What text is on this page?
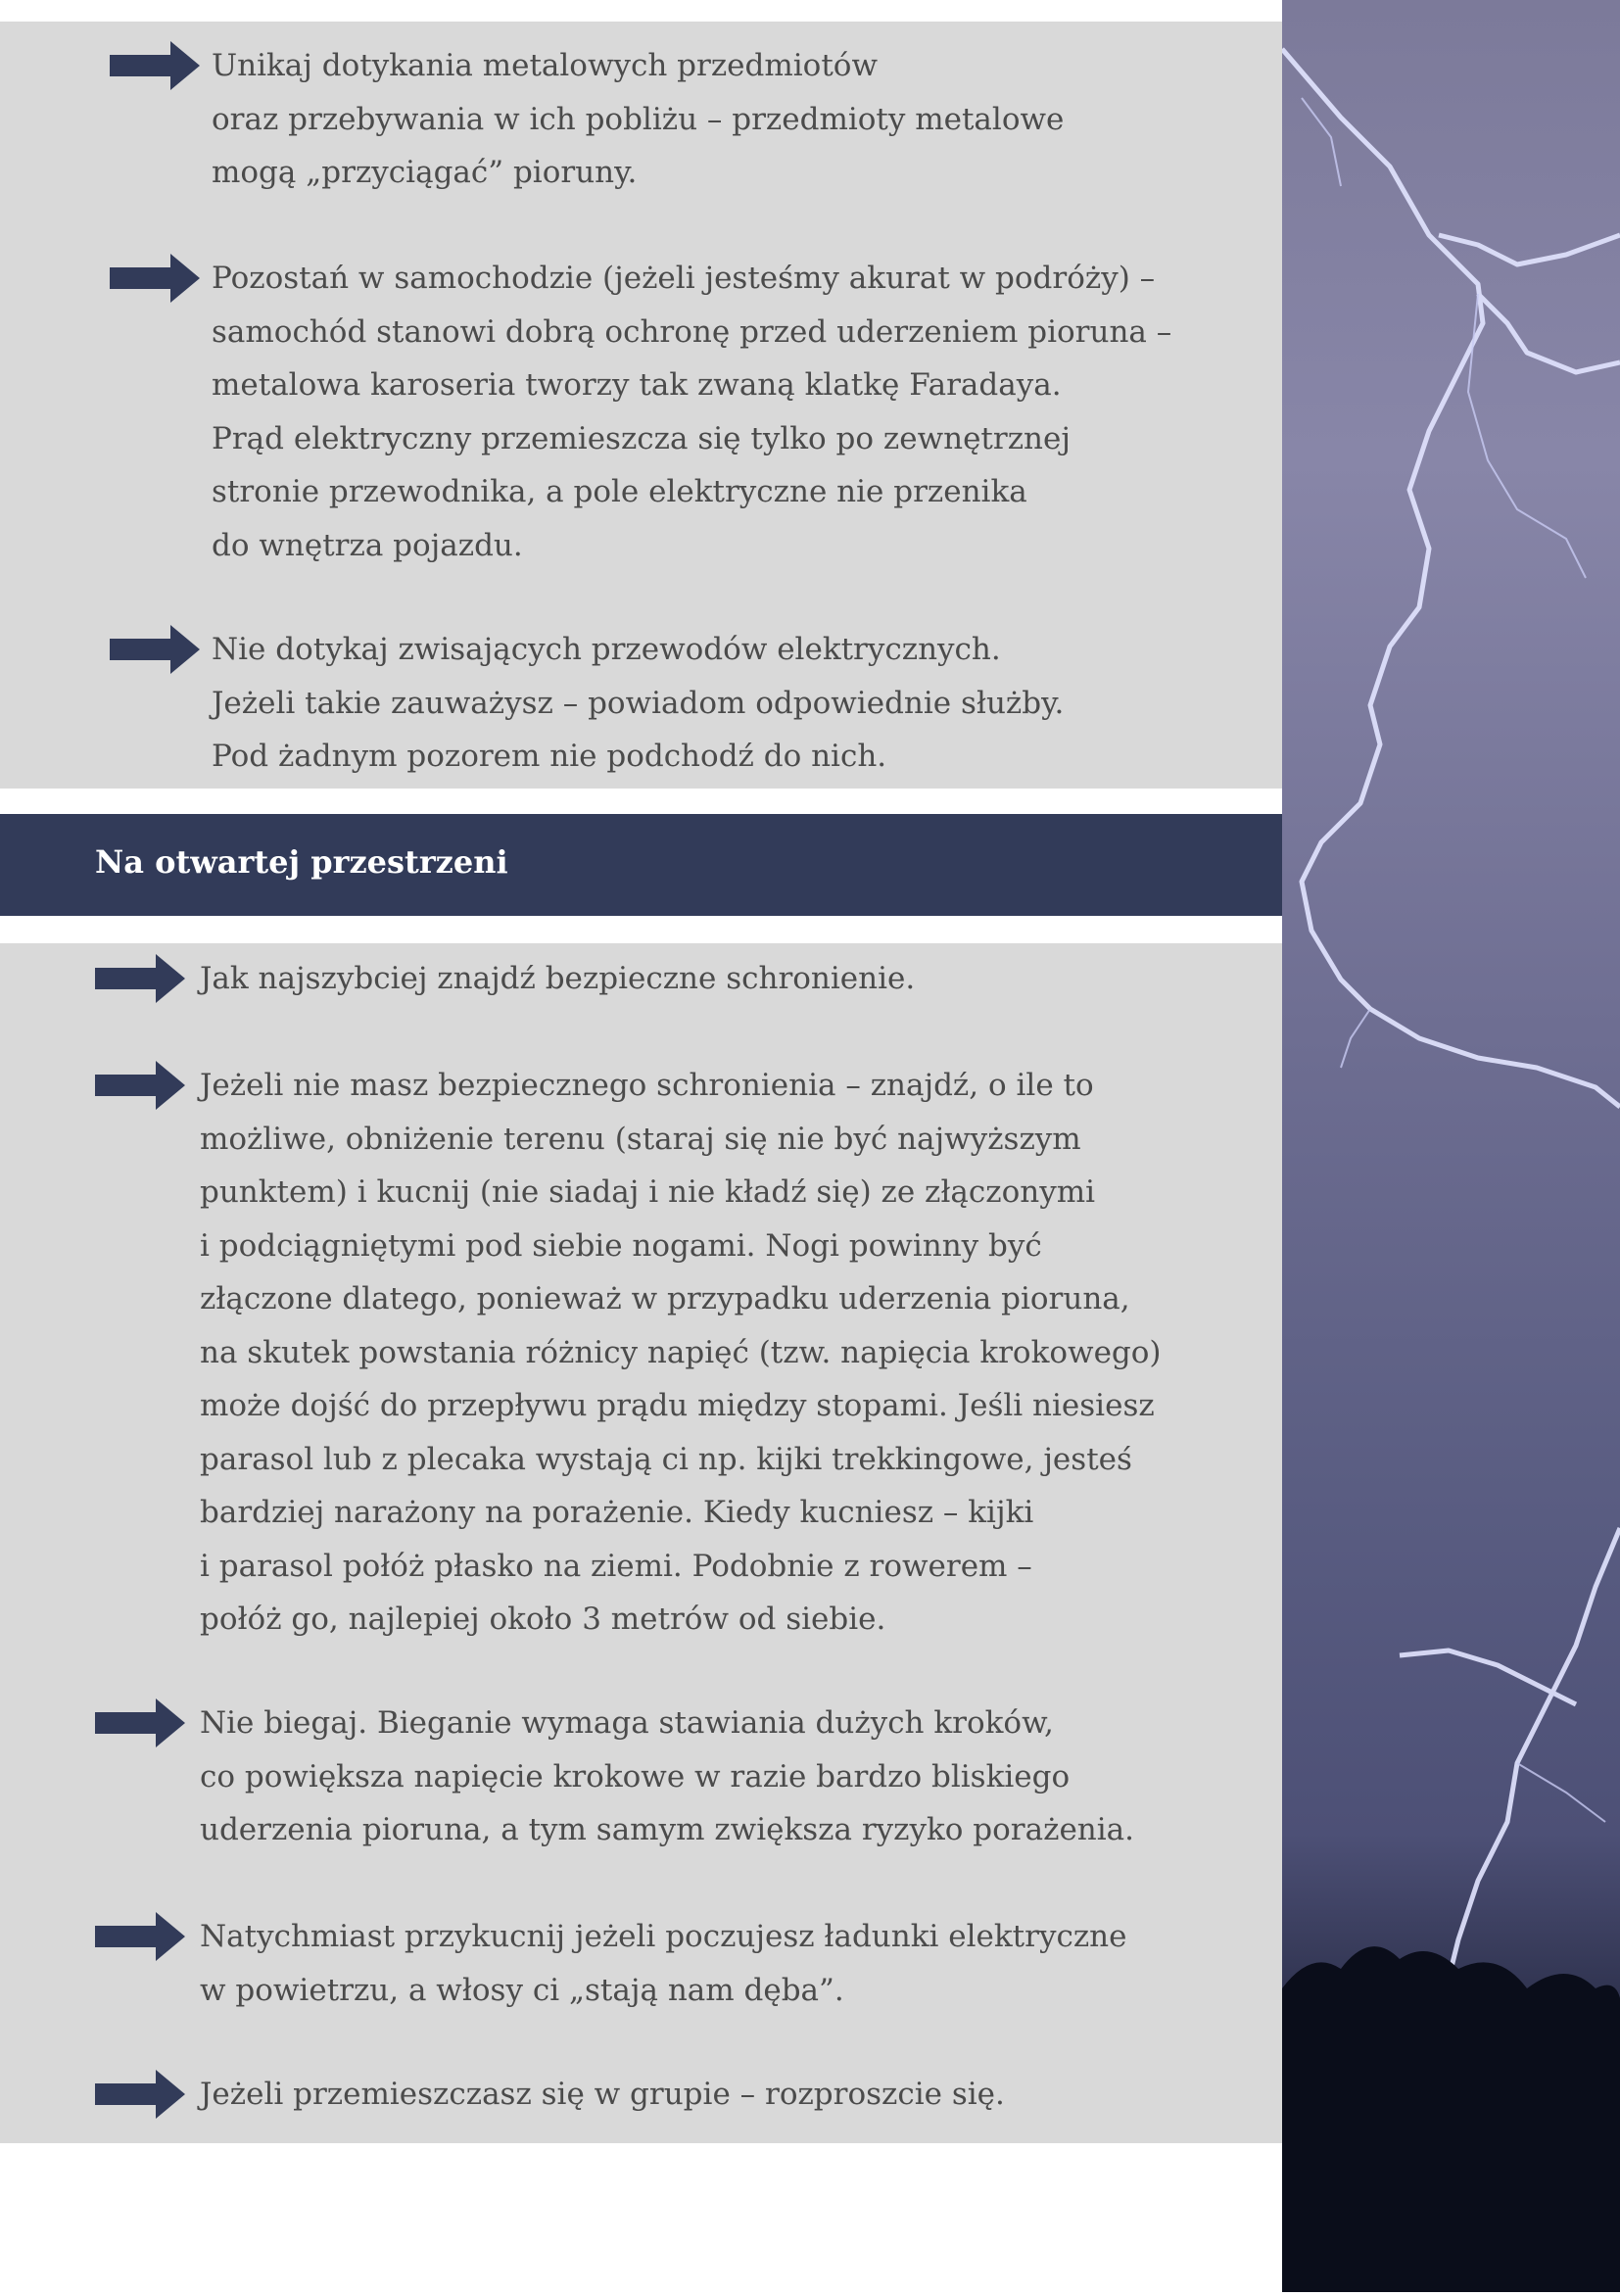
Na otwartej przestrzeni
Unikaj dotykania metalowych przedmiotów
oraz przebywania w ich pobliżu – przedmioty metalowe
mogą „przyciągać” pioruny.
Pozostań w samochodzie (jeżeli jesteśmy akurat w podróży) –
samochód stanowi dobrą ochronę przed uderzeniem pioruna –
metalowa karoseria tworzy tak zwaną klatkę Faradaya.
Prąd elektryczny przemieszcza się tylko po zewnętrznej
stronie przewodnika, a pole elektryczne nie przenika
do wnętrza pojazdu.
Nie dotykaj zwisających przewodów elektrycznych.
Jeżeli takie zauważysz – powiadom odpowiednie służby.
Pod żadnym pozorem nie podchodź do nich.
Jak najszybciej znajdź bezpieczne schronienie.
Jeżeli nie masz bezpiecznego schronienia – znajdź, o ile to
możliwe, obniżenie terenu (staraj się nie być najwyższym
punktem) i kucnij (nie siadaj i nie kładź się) ze złączonymi
i podciągniętymi pod siebie nogami. Nogi powinny być
złączone dlatego, ponieważ w przypadku uderzenia pioruna,
na skutek powstania różnicy napięć (tzw. napięcia krokowego)
może dojść do przepływu prądu między stopami. Jeśli niesiesz
parasol lub z plecaka wystają ci np. kijki trekkingowe, jesteś
bardziej narażony na porażenie. Kiedy kucniesz – kijki
i parasol połóż płasko na ziemi. Podobnie z rowerem –
połóż go, najlepiej około 3 metrów od siebie.
Nie biegaj. Bieganie wymaga stawiania dużych kroków,
co powiększa napięcie krokowe w razie bardzo bliskiego
uderzenia pioruna, a tym samym zwiększa ryzyko porażenia.
Natychmiast przykucnij jeżeli poczujesz ładunki elektryczne
w powietrzu, a włosy ci „stają nam dęba”.
Jeżeli przemieszczasz się w grupie – rozproszcie się.
